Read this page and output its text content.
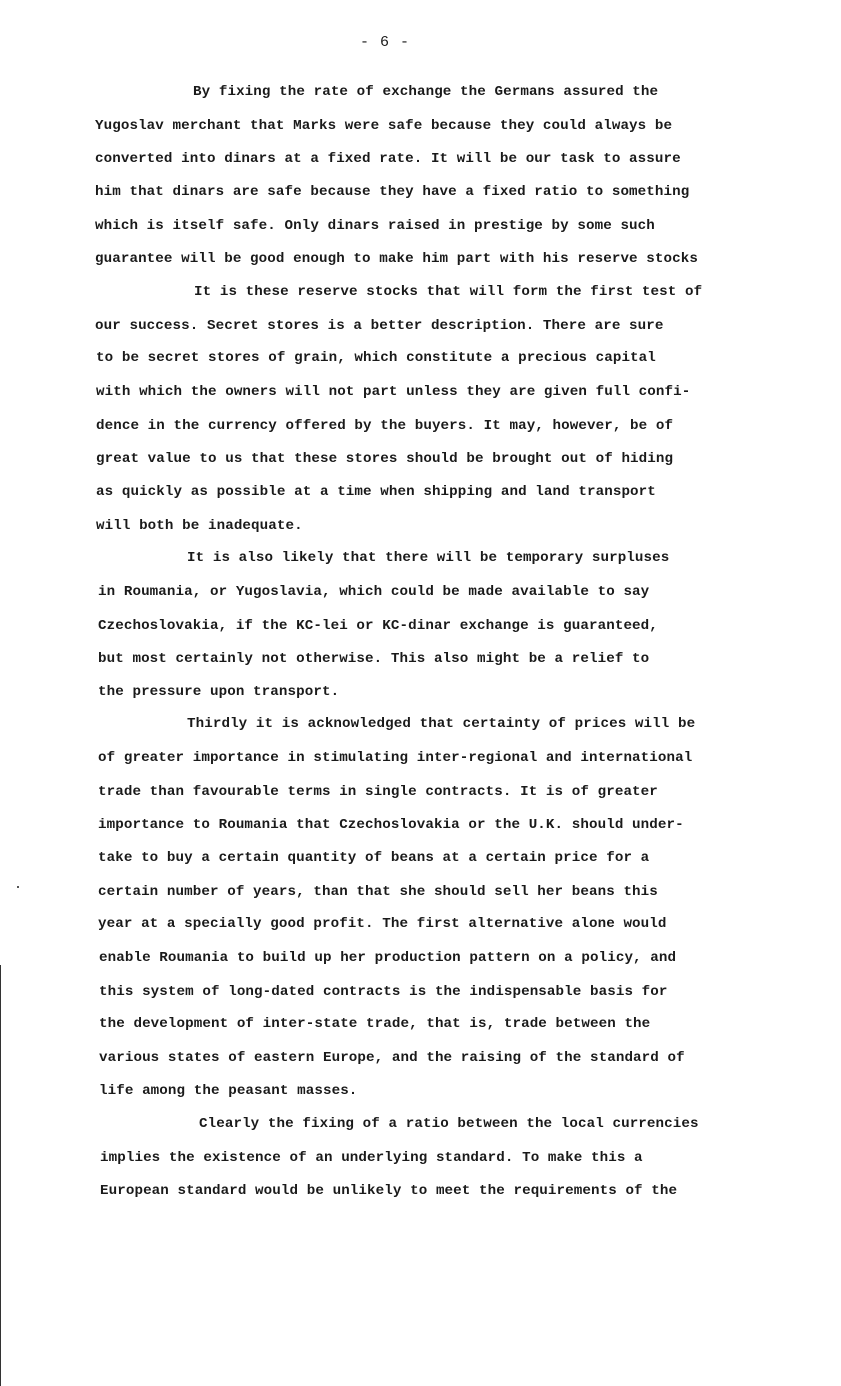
- 6 -
By fixing the rate of exchange the Germans assured the
Yugoslav merchant that Marks were safe because they could always be
converted into dinars at a fixed rate. It will be our task to assure
him that dinars are safe because they have a fixed ratio to something
which is itself safe. Only dinars raised in prestige by some such
guarantee will be good enough to make him part with his reserve stocks
It is these reserve stocks that will form the first test of
our success. Secret stores is a better description. There are sure
to be secret stores of grain, which constitute a precious capital
with which the owners will not part unless they are given full confi-
dence in the currency offered by the buyers. It may, however, be of
great value to us that these stores should be brought out of hiding
as quickly as possible at a time when shipping and land transport
will both be inadequate.
It is also likely that there will be temporary surpluses
in Roumania, or Yugoslavia, which could be made available to say
Czechoslovakia, if the KC-lei or KC-dinar exchange is guaranteed,
but most certainly not otherwise. This also might be a relief to
the pressure upon transport.
Thirdly it is acknowledged that certainty of prices will be
of greater importance in stimulating inter-regional and international
trade than favourable terms in single contracts. It is of greater
importance to Roumania that Czechoslovakia or the U.K. should under-
take to buy a certain quantity of beans at a certain price for a
certain number of years, than that she should sell her beans this
year at a specially good profit. The first alternative alone would
enable Roumania to build up her production pattern on a policy, and
this system of long-dated contracts is the indispensable basis for
the development of inter-state trade, that is, trade between the
various states of eastern Europe, and the raising of the standard of
life among the peasant masses.
Clearly the fixing of a ratio between the local currencies
implies the existence of an underlying standard. To make this a
European standard would be unlikely to meet the requirements of the
